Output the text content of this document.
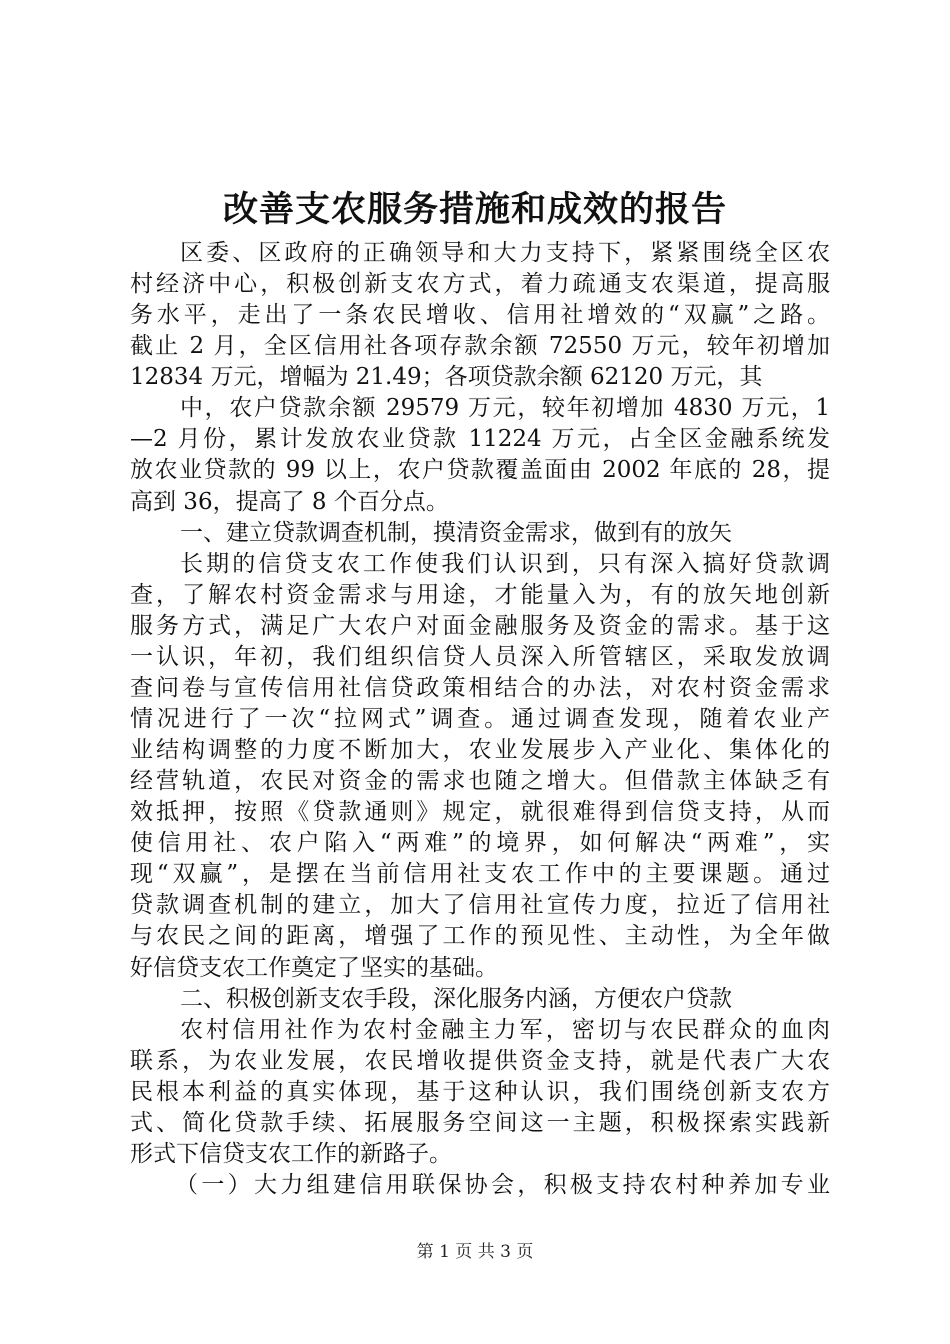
改善支农服务措施和成效的报告
区委、区政府的正确领导和大力支持下，紧紧围绕全区农
村经济中心，积极创新支农方式，着力疏通支农渠道，提高服
务水平，走出了一条农民增收、信用社增效的“双赢”之路。
截止 2 月，全区信用社各项存款余额 72550 万元，较年初增加
12834 万元，增幅为 21.49；各项贷款余额 62120 万元，其
中，农户贷款余额 29579 万元，较年初增加 4830 万元，1
—2 月份，累计发放农业贷款 11224 万元，占全区金融系统发
放农业贷款的 99 以上，农户贷款覆盖面由 2002 年底的 28，提
高到 36，提高了 8 个百分点。
一、建立贷款调查机制，摸清资金需求，做到有的放矢
长期的信贷支农工作使我们认识到，只有深入搞好贷款调
查，了解农村资金需求与用途，才能量入为，有的放矢地创新
服务方式，满足广大农户对面金融服务及资金的需求。基于这
一认识，年初，我们组织信贷人员深入所管辖区，采取发放调
查问卷与宣传信用社信贷政策相结合的办法，对农村资金需求
情况进行了一次“拉网式”调查。通过调查发现，随着农业产
业结构调整的力度不断加大，农业发展步入产业化、集体化的
经营轨道，农民对资金的需求也随之增大。但借款主体缺乏有
效抵押，按照《贷款通则》规定，就很难得到信贷支持，从而
使信用社、农户陷入“两难”的境界，如何解决“两难”，实
现“双赢”，是摆在当前信用社支农工作中的主要课题。通过
贷款调查机制的建立，加大了信用社宣传力度，拉近了信用社
与农民之间的距离，增强了工作的预见性、主动性，为全年做
好信贷支农工作奠定了坚实的基础。
二、积极创新支农手段，深化服务内涵，方便农户贷款
农村信用社作为农村金融主力军，密切与农民群众的血肉
联系，为农业发展，农民增收提供资金支持，就是代表广大农
民根本利益的真实体现，基于这种认识，我们围绕创新支农方
式、简化贷款手续、拓展服务空间这一主题，积极探索实践新
第 1 页 共 3 页
形式下信贷支农工作的新路子。
（一）大力组建信用联保协会，积极支持农村种养加专业
